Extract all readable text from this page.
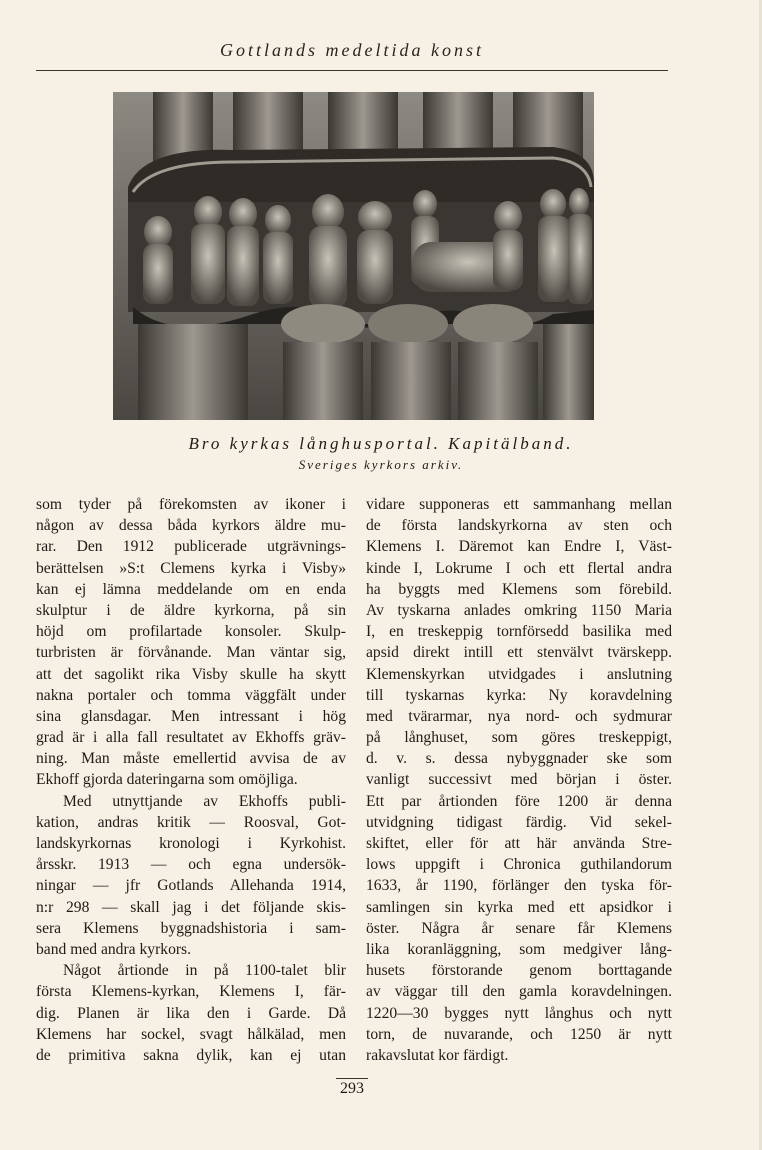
Gottlands medeltida konst
Bro kyrkas långhusportal. Kapitälband.
Sveriges kyrkors arkiv.
som tyder på förekomsten av ikoner i
någon av dessa båda kyrkors äldre mu-
rar. Den 1912 publicerade utgrävnings-
berättelsen »S:t Clemens kyrka i Visby»
kan ej lämna meddelande om en enda
skulptur i de äldre kyrkorna, på sin
höjd om profilartade konsoler. Skulp-
turbristen är förvånande. Man väntar sig,
att det sagolikt rika Visby skulle ha skytt
nakna portaler och tomma väggfält under
sina glansdagar. Men intressant i hög
grad är i alla fall resultatet av Ekhoffs gräv-
ning. Man måste emellertid avvisa de av
Ekhoff gjorda dateringarna som omöjliga.
Med utnyttjande av Ekhoffs publi-
kation, andras kritik — Roosval, Got-
landskyrkornas kronologi i Kyrkohist.
årsskr. 1913 — och egna undersök-
ningar — jfr Gotlands Allehanda 1914,
n:r 298 — skall jag i det följande skis-
sera Klemens byggnadshistoria i sam-
band med andra kyrkors.
Något årtionde in på 1100-talet blir
första Klemens-kyrkan, Klemens I, fär-
dig. Planen är lika den i Garde. Då
Klemens har sockel, svagt hålkälad, men
de primitiva sakna dylik, kan ej utan
vidare supponeras ett sammanhang mellan
de första landskyrkorna av sten och
Klemens I. Däremot kan Endre I, Väst-
kinde I, Lokrume I och ett flertal andra
ha byggts med Klemens som förebild.
Av tyskarna anlades omkring 1150 Maria
I, en treskeppig tornförsedd basilika med
apsid direkt intill ett stenvälvt tvärskepp.
Klemenskyrkan utvidgades i anslutning
till tyskarnas kyrka: Ny koravdelning
med tvärarmar, nya nord- och sydmurar
på långhuset, som göres treskeppigt,
d. v. s. dessa nybyggnader ske som
vanligt successivt med början i öster.
Ett par årtionden före 1200 är denna
utvidgning tidigast färdig. Vid sekel-
skiftet, eller för att här använda Stre-
lows uppgift i Chronica guthilandorum
1633, år 1190, förlänger den tyska för-
samlingen sin kyrka med ett apsidkor i
öster. Några år senare får Klemens
lika koranläggning, som medgiver lång-
husets förstorande genom borttagande
av väggar till den gamla koravdelningen.
1220—30 bygges nytt långhus och nytt
torn, de nuvarande, och 1250 är nytt
rakavslutat kor färdigt.
293
